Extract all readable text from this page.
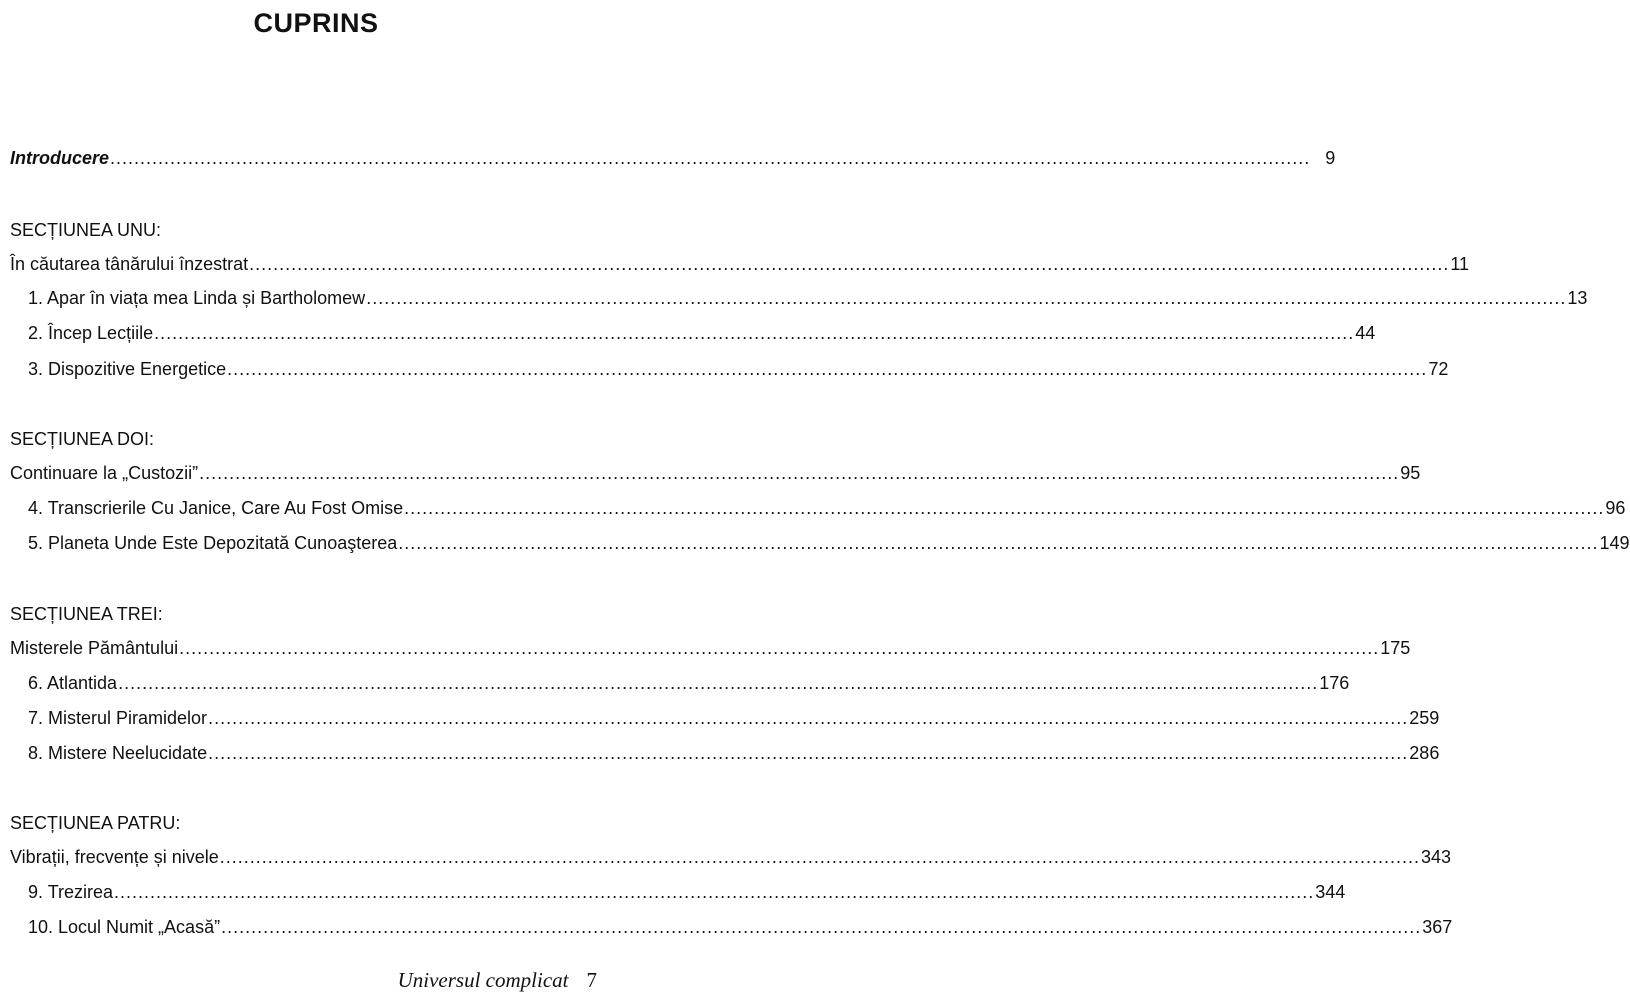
CUPRINS
Introducere ........................................................................................................................................................................................................ 9
SECȚIUNEA UNU:
În căutarea tânărului înzestrat ........................................................................................................................................................................................................ 11
1. Apar în viața mea Linda și Bartholomew ........................................................................................................................................................................................................ 13
2. Încep Lecțiile ........................................................................................................................................................................................................ 44
3. Dispozitive Energetice ........................................................................................................................................................................................................ 72
SECȚIUNEA DOI:
Continuare la „Custozii” ........................................................................................................................................................................................................ 95
4. Transcrierile Cu Janice, Care Au Fost Omise ........................................................................................................................................................................................................ 96
5. Planeta Unde Este Depozitată Cunoaşterea ........................................................................................................................................................................................................ 149
SECȚIUNEA TREI:
Misterele Pământului ........................................................................................................................................................................................................ 175
6. Atlantida ........................................................................................................................................................................................................ 176
7. Misterul Piramidelor ........................................................................................................................................................................................................ 259
8. Mistere Neelucidate ........................................................................................................................................................................................................ 286
SECȚIUNEA PATRU:
Vibrații, frecvențe și nivele ........................................................................................................................................................................................................ 343
9. Trezirea ........................................................................................................................................................................................................ 344
10. Locul Numit „Acasă” ........................................................................................................................................................................................................ 367
Universul complicat 7
